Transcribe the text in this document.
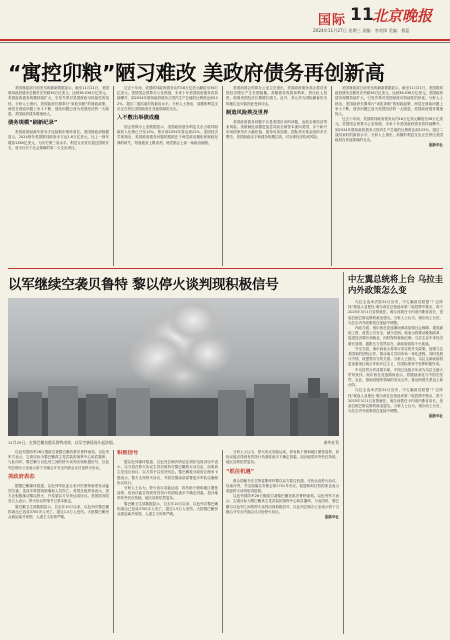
国际 11
北京晚报
2024年11月27日 星期三 责编：李兆锋 美编：曹蓝
“寓控卯粮”陋习难改 美政府债务再创新高

美国财政部日前发布的最新数据显示，截至11月21日，美国联邦政府债务总额首次突破36万亿美元，达到36.036万亿美元。美国政府债务规模持续扩大，引发外界对美国财政可持续性的担忧。分析人士指出，美国政府长期奉行“寅吃卯粮”的财政政策，两党在财政问题上争斗不断，债务问题已成为美国经济的一大隐患。美国政府债务增速惊人。

债务规模“刷新纪录”

美国政府财政年度赤字连续数年维持高位。美国财政部数据显示，2024财年美国联邦政府赤字达1.8万亿美元，比上一财年增加1380亿美元，为历史第三高水平。利息支出首次超过国防开支，成为仅次于社会保障的第二大支出项目。

过去十年间，美国联邦政府债务从约18万亿美元翻倍至36万亿美元。美国国会预算办公室预测，未来十年美国政府债务将持续攀升，到2034年联邦政府债务占国内生产总值的比例将达到122%，超过二战结束时的最高水平。分析人士指出，高额的利息支出正在挤压美国政府在其他领域的支出。

入不敷出举债成瘾

国会预算办公室数据显示，美国政府债务利息支出占联邦财政收入比例已升至13%，预计到2034年将达到22%。美国经济学家指出，美国政府债务问题的根源在于两党政治极化和财政纪律的缺失，每逢债务上限谈判，两党都会上演一场政治闹剧。

美国前国会预算办公室主任指出，美国政府债务高企将对美国经济增长产生长期拖累。高额债务将推高利率，挤压私人投资，削弱美国经济长期增长潜力。此外，美元作为国际储备货币的地位也可能因此受到冲击。

制造风险殃及世界

美国政府债务问题不仅是美国自身的问题，也给全球经济带来风险。美联储此前激进加息导致全球资本流向美国，多个新兴市场国家货币大幅贬值，债务负担加重。国际货币基金组织多次警告，美国财政赤字和债务规模过高，对全球经济构成风险。

美国财政部日前发布的最新数据显示，截至11月21日，美国联邦政府债务总额首次突破36万亿美元，达到36.036万亿美元。美国政府债务规模持续扩大，引发外界对美国财政可持续性的担忧。分析人士指出，美国政府长期奉行“寅吃卯粮”的财政政策，两党在财政问题上争斗不断，债务问题已成为美国经济的一大隐患。美国政府债务增速惊人。

过去十年间，美国联邦政府债务从约18万亿美元翻倍至36万亿美元。美国国会预算办公室预测，未来十年美国政府债务将持续攀升，到2034年联邦政府债务占国内生产总值的比例将达到122%，超过二战结束时的最高水平。分析人士指出，高额的利息支出正在挤压美国政府在其他领域的支出。

据新华社
以军继续空袭贝鲁特 黎以停火谈判现积极信号
11月25日，在黎巴嫩首都贝鲁特南郊，以军空袭现场升起浓烟。	新华社发

以色列国防军26日继续空袭黎巴嫩首都贝鲁特南郊。以色列军方表示，空袭目标为黎巴嫩真主党武装的指挥中心和武器库。与此同时，黎巴嫩与以色列之间的停火谈判出现积极信号，以色列总理办公室表示将于当晚召开安全内阁会议讨论停火协议。

美政府表态

据黎巴嫩媒体报道，以色列军队连日来对贝鲁特南郊发动猛烈空袭，造成多栋建筑倒塌和人员伤亡。美国总统拜登表示，美方正积极推动黎以停火，并希望双方尽快达成协议。美国国务院发言人表示，停火协议的细节已基本敲定。

黎巴嫩卫生部数据显示，自去年10月以来，以色列对黎巴嫩的袭击已造成3700多人死亡，超过1.5万人受伤。大批黎巴嫩民众被迫离开家园，人道主义形势严峻。

积极信号

据以色列媒体报道，以色列总理内塔尼亚胡在电视讲话中表示，以方将在停火协议生效后维持在黎巴嫩的行动自由，如果真主党违反协议，以方将予以坚决回击。黎巴嫩看守政府总理米卡提表示，黎方支持停火协议，并将在黎南部部署更多军队以确保协议执行。

分析人士认为，停火协议若能达成，将有助于缓和地区紧张局势，但协议能否得到有效执行仍面临诸多不确定因素。加沙地带冲突仍在持续，地区局势依然复杂。

黎巴嫩卫生部数据显示，自去年10月以来，以色列对黎巴嫩的袭击已造成3700多人死亡，超过1.5万人受伤。大批黎巴嫩民众被迫离开家园，人道主义形势严峻。

分析人士认为，停火协议若能达成，将有助于缓和地区紧张局势，但协议能否得到有效执行仍面临诸多不确定因素。加沙地带冲突仍在持续，地区局势依然复杂。

“抓住机遇”

联合国秘书长古特雷斯呼吁黎以双方抓住机遇，尽快达成停火协议，结束冲突，并全面落实安理会第1701号决议。欧盟和阿拉伯国家也表示欢迎停火谈判取得进展。

以色列国防军26日继续空袭黎巴嫩首都贝鲁特南郊。以色列军方表示，空袭目标为黎巴嫩真主党武装的指挥中心和武器库。与此同时，黎巴嫩与以色列之间的停火谈判出现积极信号，以色列总理办公室表示将于当晚召开安全内阁会议讨论停火协议。

据新华社
中左翼总统将上台 乌拉圭内外政策怎么变

乌拉圭选举法院24日宣布，中左翼政党联盟“广泛阵线”候选人亚曼杜·奥尔西在总统选举第二轮投票中胜出，将于2025年3月1日宣誓就任。奥尔西曾任卡内洛内斯省省长，是前总统巴斯克斯的政治盟友。分析人士认为，奥尔西上台后，乌拉圭内外政策将在延续中调整。

内政方面，奥尔西在竞选期间承诺加强社会保障，提高最低工资，改善公共安全，减少贫困。他表示将推动税制改革，促进经济增长和就业，同时保持财政纪律。乌拉圭近年来经济增长放缓，通胀压力依然存在，新政府面临不小挑战。

外交方面，奥尔西表示将奉行务实的外交政策，加强与拉美国家的团结合作，推动南方共同市场一体化进程，同时发展与中国、欧盟等各方的关系。分析人士指出，乌拉圭新政府将更加重视区域合作和多边主义，在国际事务中发挥积极作用。

中乌经贸合作成果丰硕，中国已连续多年成为乌拉圭最大贸易伙伴。奥尔西在竞选期间表示，将继续深化与中国在经贸、农业、基础设施等领域的务实合作，推动两国关系迈上新台阶。

乌拉圭选举法院24日宣布，中左翼政党联盟“广泛阵线”候选人亚曼杜·奥尔西在总统选举第二轮投票中胜出，将于2025年3月1日宣誓就任。奥尔西曾任卡内洛内斯省省长，是前总统巴斯克斯的政治盟友。分析人士认为，奥尔西上台后，乌拉圭内外政策将在延续中调整。

据新华社
